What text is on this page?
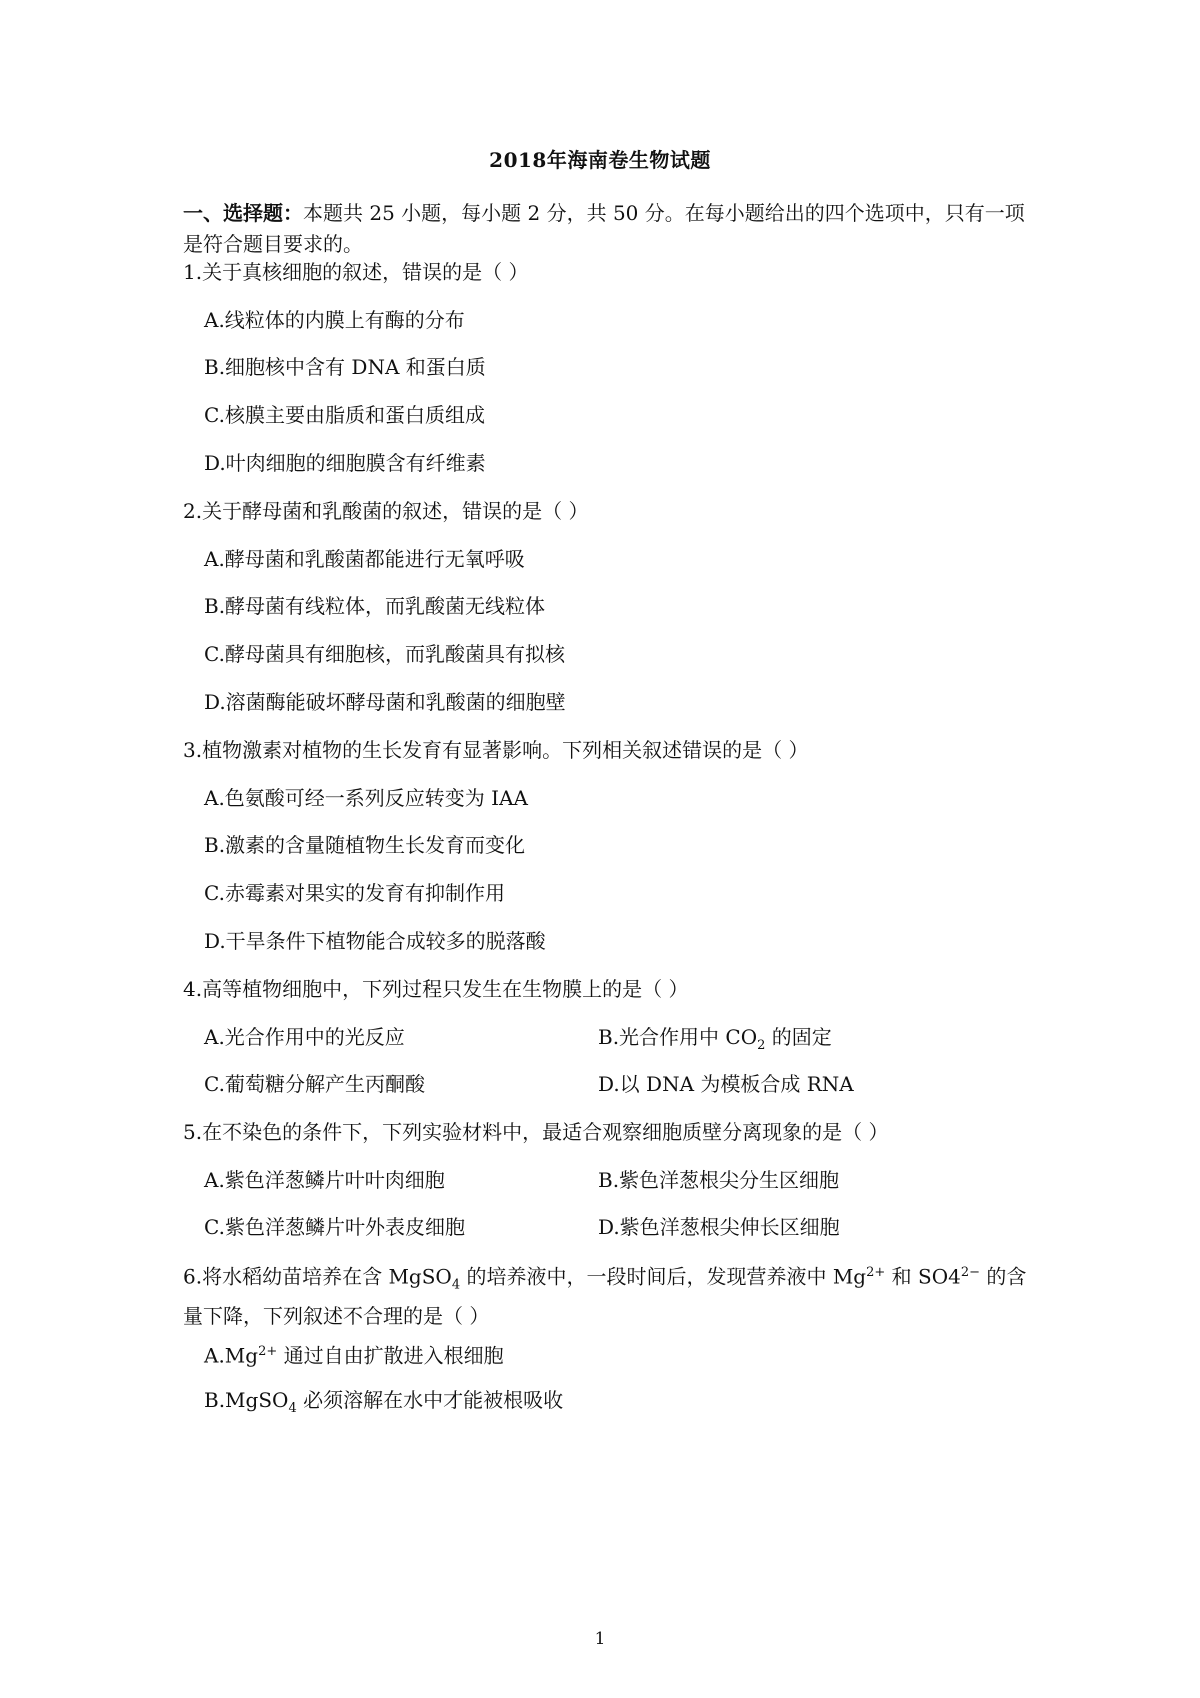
2018年海南卷生物试题
一、选择题：本题共 25 小题，每小题 2 分，共 50 分。在每小题给出的四个选项中，只有一项是符合题目要求的。
1.关于真核细胞的叙述，错误的是（ ）
A.线粒体的内膜上有酶的分布
B.细胞核中含有 DNA 和蛋白质
C.核膜主要由脂质和蛋白质组成
D.叶肉细胞的细胞膜含有纤维素
2.关于酵母菌和乳酸菌的叙述，错误的是（ ）
A.酵母菌和乳酸菌都能进行无氧呼吸
B.酵母菌有线粒体，而乳酸菌无线粒体
C.酵母菌具有细胞核，而乳酸菌具有拟核
D.溶菌酶能破坏酵母菌和乳酸菌的细胞壁
3.植物激素对植物的生长发育有显著影响。下列相关叙述错误的是（ ）
A.色氨酸可经一系列反应转变为 IAA
B.激素的含量随植物生长发育而变化
C.赤霉素对果实的发育有抑制作用
D.干旱条件下植物能合成较多的脱落酸
4.高等植物细胞中，下列过程只发生在生物膜上的是（ ）
A.光合作用中的光反应	B.光合作用中 $CO_2$ 的固定
C.葡萄糖分解产生丙酮酸	D.以 DNA 为模板合成 RNA
5.在不染色的条件下，下列实验材料中，最适合观察细胞质壁分离现象的是（ ）
A.紫色洋葱鳞片叶叶肉细胞	B.紫色洋葱根尖分生区细胞
C.紫色洋葱鳞片叶外表皮细胞	D.紫色洋葱根尖伸长区细胞
6.将水稻幼苗培养在含 MgSO$_4$ 的培养液中，一段时间后，发现营养液中 $Mg^{2+}$ 和 $SO4^{2-}$ 的含量下降，下列叙述不合理的是（ ）
$A.Mg^{2+}$ 通过自由扩散进入根细胞
B.MgSO$_4$ 必须溶解在水中才能被根吸收
1
